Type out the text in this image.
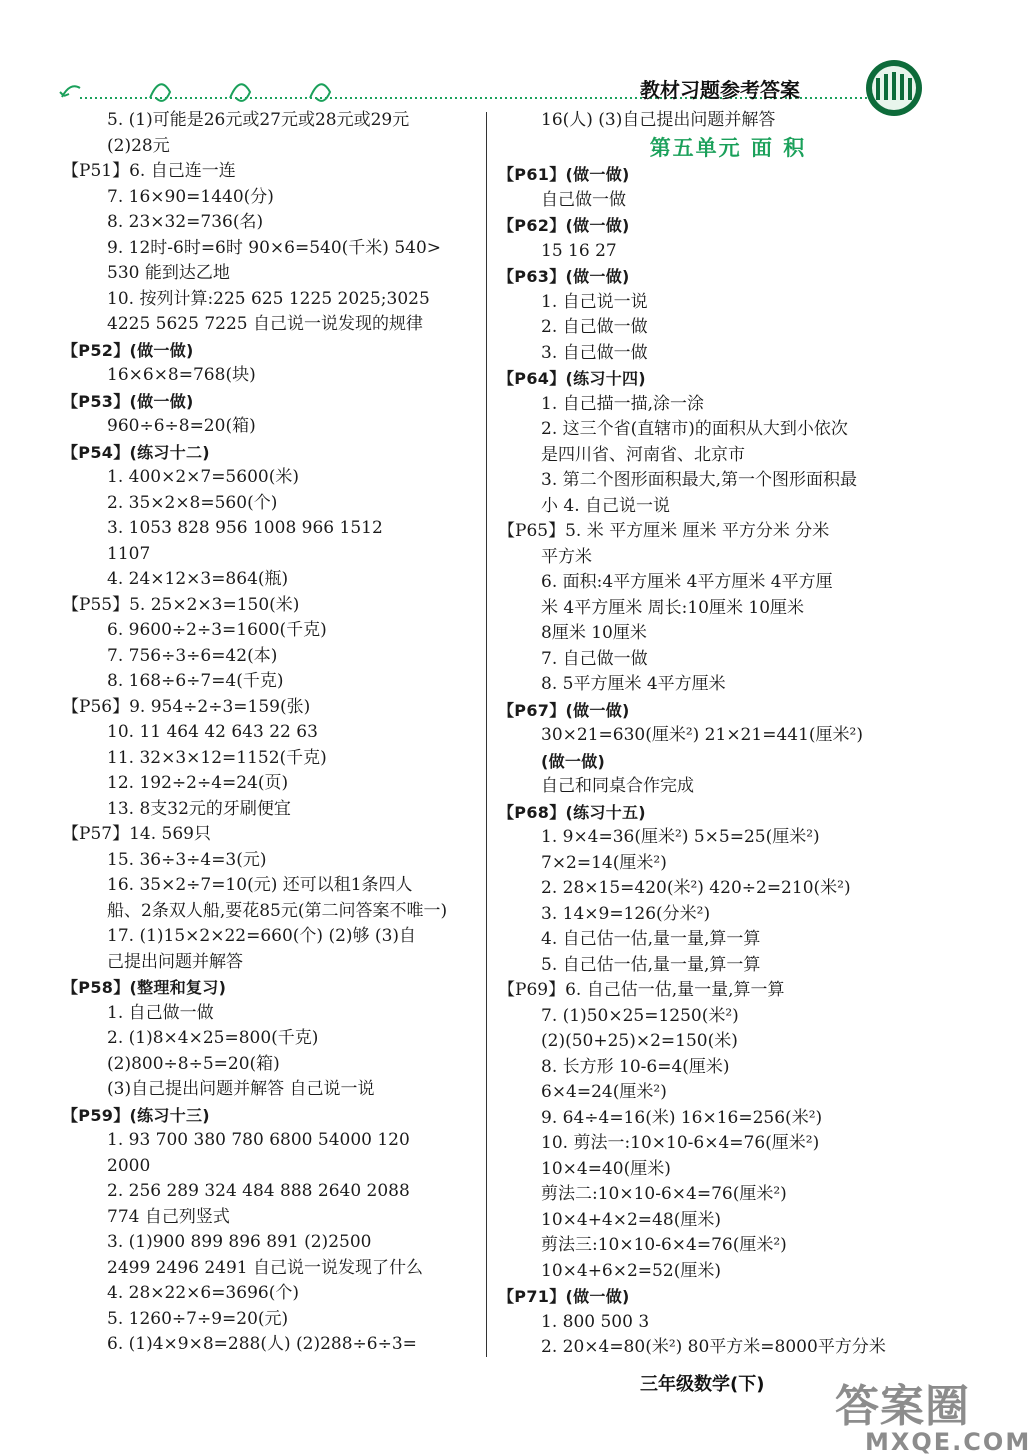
教材习题参考答案
5. (1)可能是26元或27元或28元或29元
(2)28元
【P51】6. 自己连一连
7. 16×90=1440(分)
8. 23×32=736(名)
9. 12时-6时=6时 90×6=540(千米) 540>
530 能到达乙地
10. 按列计算:225 625 1225 2025;3025
4225 5625 7225 自己说一说发现的规律
【P52】(做一做)
16×6×8=768(块)
【P53】(做一做)
960÷6÷8=20(箱)
【P54】(练习十二)
1. 400×2×7=5600(米)
2. 35×2×8=560(个)
3. 1053 828 956 1008 966 1512
1107
4. 24×12×3=864(瓶)
【P55】5. 25×2×3=150(米)
6. 9600÷2÷3=1600(千克)
7. 756÷3÷6=42(本)
8. 168÷6÷7=4(千克)
【P56】9. 954÷2÷3=159(张)
10. 11 464 42 643 22 63
11. 32×3×12=1152(千克)
12. 192÷2÷4=24(页)
13. 8支32元的牙刷便宜
【P57】14. 569只
15. 36÷3÷4=3(元)
16. 35×2÷7=10(元) 还可以租1条四人
船、2条双人船,要花85元(第二问答案不唯一)
17. (1)15×2×22=660(个) (2)够 (3)自
己提出问题并解答
【P58】(整理和复习)
1. 自己做一做
2. (1)8×4×25=800(千克)
(2)800÷8÷5=20(箱)
(3)自己提出问题并解答 自己说一说
【P59】(练习十三)
1. 93 700 380 780 6800 54000 120
2000
2. 256 289 324 484 888 2640 2088
774 自己列竖式
3. (1)900 899 896 891 (2)2500
2499 2496 2491 自己说一说发现了什么
4. 28×22×6=3696(个)
5. 1260÷7÷9=20(元)
6. (1)4×9×8=288(人) (2)288÷6÷3=
16(人) (3)自己提出问题并解答
第五单元 面 积
【P61】(做一做)
自己做一做
【P62】(做一做)
15 16 27
【P63】(做一做)
1. 自己说一说
2. 自己做一做
3. 自己做一做
【P64】(练习十四)
1. 自己描一描,涂一涂
2. 这三个省(直辖市)的面积从大到小依次
是四川省、河南省、北京市
3. 第二个图形面积最大,第一个图形面积最
小 4. 自己说一说
【P65】5. 米 平方厘米 厘米 平方分米 分米
平方米
6. 面积:4平方厘米 4平方厘米 4平方厘
米 4平方厘米 周长:10厘米 10厘米
8厘米 10厘米
7. 自己做一做
8. 5平方厘米 4平方厘米
【P67】(做一做)
30×21=630(厘米²) 21×21=441(厘米²)
(做一做)
自己和同桌合作完成
【P68】(练习十五)
1. 9×4=36(厘米²) 5×5=25(厘米²)
7×2=14(厘米²)
2. 28×15=420(米²) 420÷2=210(米²)
3. 14×9=126(分米²)
4. 自己估一估,量一量,算一算
5. 自己估一估,量一量,算一算
【P69】6. 自己估一估,量一量,算一算
7. (1)50×25=1250(米²)
(2)(50+25)×2=150(米)
8. 长方形 10-6=4(厘米)
6×4=24(厘米²)
9. 64÷4=16(米) 16×16=256(米²)
10. 剪法一:10×10-6×4=76(厘米²)
10×4=40(厘米)
剪法二:10×10-6×4=76(厘米²)
10×4+4×2=48(厘米)
剪法三:10×10-6×4=76(厘米²)
10×4+6×2=52(厘米)
【P71】(做一做)
1. 800 500 3
2. 20×4=80(米²) 80平方米=8000平方分米
三年级数学(下) 答案圈
MXQE.COM
